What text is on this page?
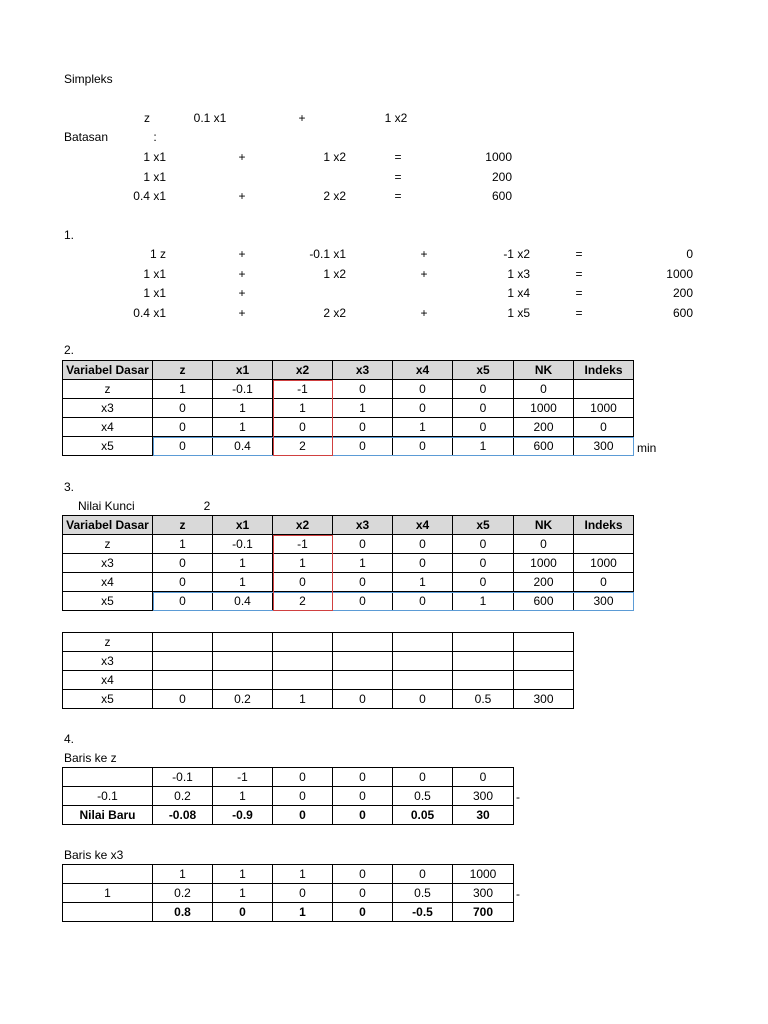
Simpleks
z	0.1 x1	+	1 x2
Batasan	:
1 x1	+	1 x2	=	1000
1 x1	=	200
0.4 x1	+	2 x2	=	600
1.
1 z	+	-0.1 x1	+	-1 x2	=	0
1 x1	+	1 x2	+	1 x3	=	1000
1 x1	+	1 x4	=	200
0.4 x1	+	2 x2	+	1 x5	=	600
2.
Variabel Dasar	z	x1	x2	x3	x4	x5	NK	Indeks
z	1	-0.1	-1	0	0	0	0	
x3	0	1	1	1	0	0	1000	1000
x4	0	1	0	0	1	0	200	0
x5	0	0.4	2	0	0	1	600	300 min
3.
Nilai Kunci	2
Variabel Dasar	z	x1	x2	x3	x4	x5	NK	Indeks
z	1	-0.1	-1	0	0	0	0	
x3	0	1	1	1	0	0	1000	1000
x4	0	1	0	0	1	0	200	0
x5	0	0.4	2	0	0	1	600	300
z							
x3							
x4							
x5	0	0.2	1	0	0	0.5	300
4.
Baris ke z
	-0.1	-1	0	0	0	0
-0.1	0.2	1	0	0	0.5	300
Nilai Baru	-0.08	-0.9	0	0	0.05	30
-
Baris ke x3
	1	1	1	0	0	1000
1	0.2	1	0	0	0.5	300
	0.8	0	1	0	-0.5	700
-
